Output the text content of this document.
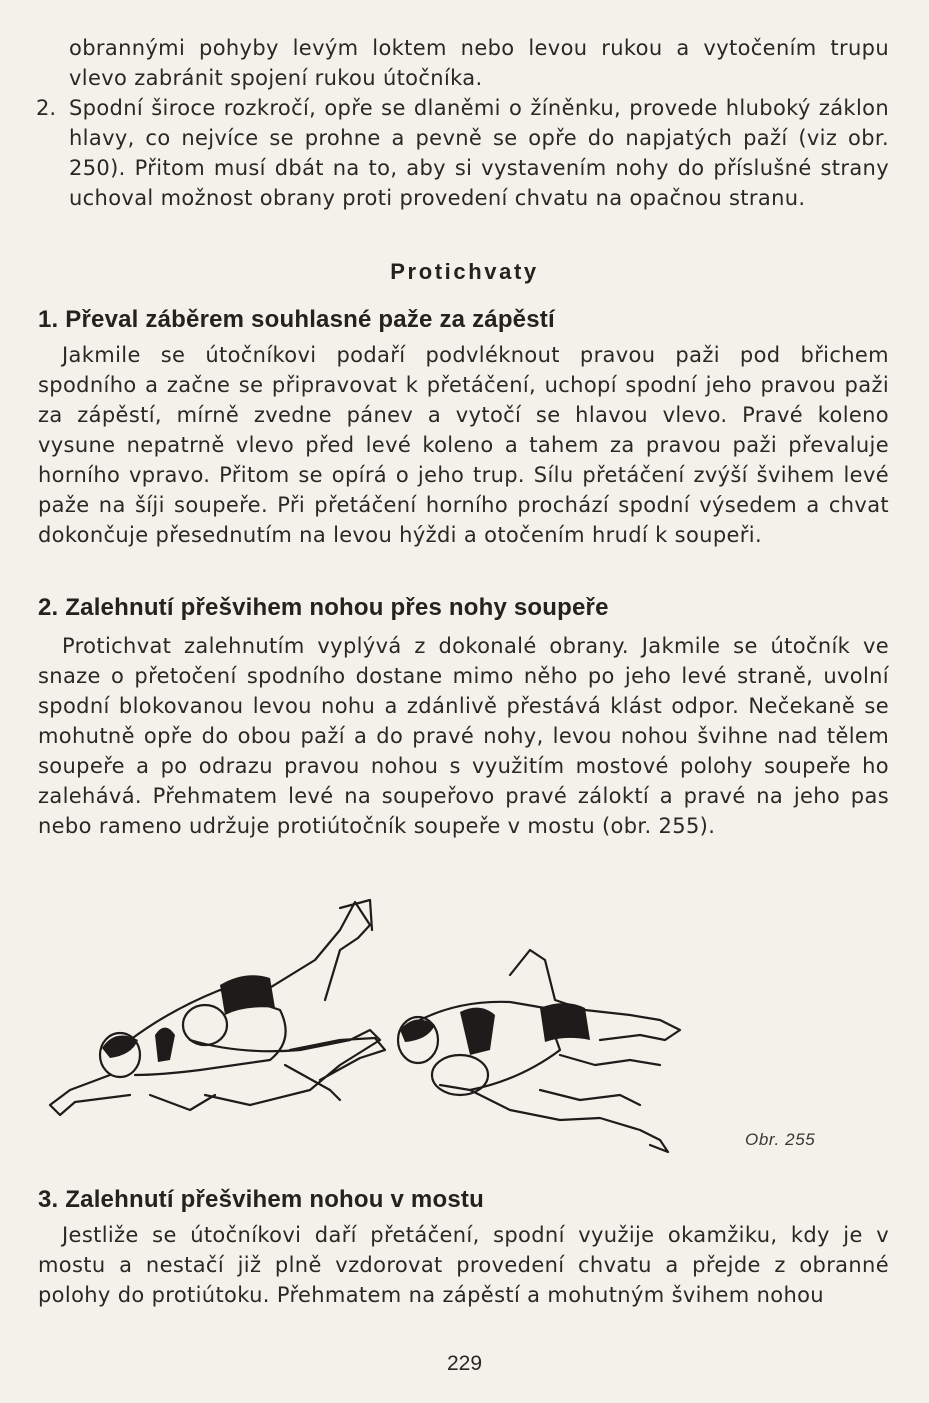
obrannými pohyby levým loktem nebo levou rukou a vytočením trupu vlevo zabránit spojení rukou útočníka.

2. Spodní široce rozkročí, opře se dlaněmi o žíněnku, provede hluboký záklon hlavy, co nejvíce se prohne a pevně se opře do napjatých paží (viz obr. 250). Přitom musí dbát na to, aby si vystavením nohy do příslušné strany uchoval možnost obrany proti provedení chvatu na opačnou stranu.

Protichvaty
1. Převal záběrem souhlasné paže za zápěstí

Jakmile se útočníkovi podaří podvléknout pravou paži pod břichem spodního a začne se připravovat k přetáčení, uchopí spodní jeho pravou paži za zápěstí, mírně zvedne pánev a vytočí se hlavou vlevo. Pravé koleno vysune nepatrně vlevo před levé koleno a tahem za pravou paži převaluje horního vpravo. Přitom se opírá o jeho trup. Sílu přetáčení zvýší švihem levé paže na šíji soupeře. Při přetáčení horního prochází spodní výsedem a chvat dokončuje přesednutím na levou hýždi a otočením hrudí k soupeři.

2. Zalehnutí přešvihem nohou přes nohy soupeře

Protichvat zalehnutím vyplývá z dokonalé obrany. Jakmile se útočník ve snaze o přetočení spodního dostane mimo něho po jeho levé straně, uvolní spodní blokovanou levou nohu a zdánlivě přestává klást odpor. Nečekaně se mohutně opře do obou paží a do pravé nohy, levou nohou švihne nad tělem soupeře a po odrazu pravou nohou s využitím mostové polohy soupeře ho zalehává. Přehmatem levé na soupeřovo pravé záloktí a pravé na jeho pas nebo rameno udržuje protiútočník soupeře v mostu (obr. 255).

Obr. 255
3. Zalehnutí přešvihem nohou v mostu

Jestliže se útočníkovi daří přetáčení, spodní využije okamžiku, kdy je v mostu a nestačí již plně vzdorovat provedení chvatu a přejde z obranné polohy do protiútoku. Přehmatem na zápěstí a mohutným švihem nohou

229
